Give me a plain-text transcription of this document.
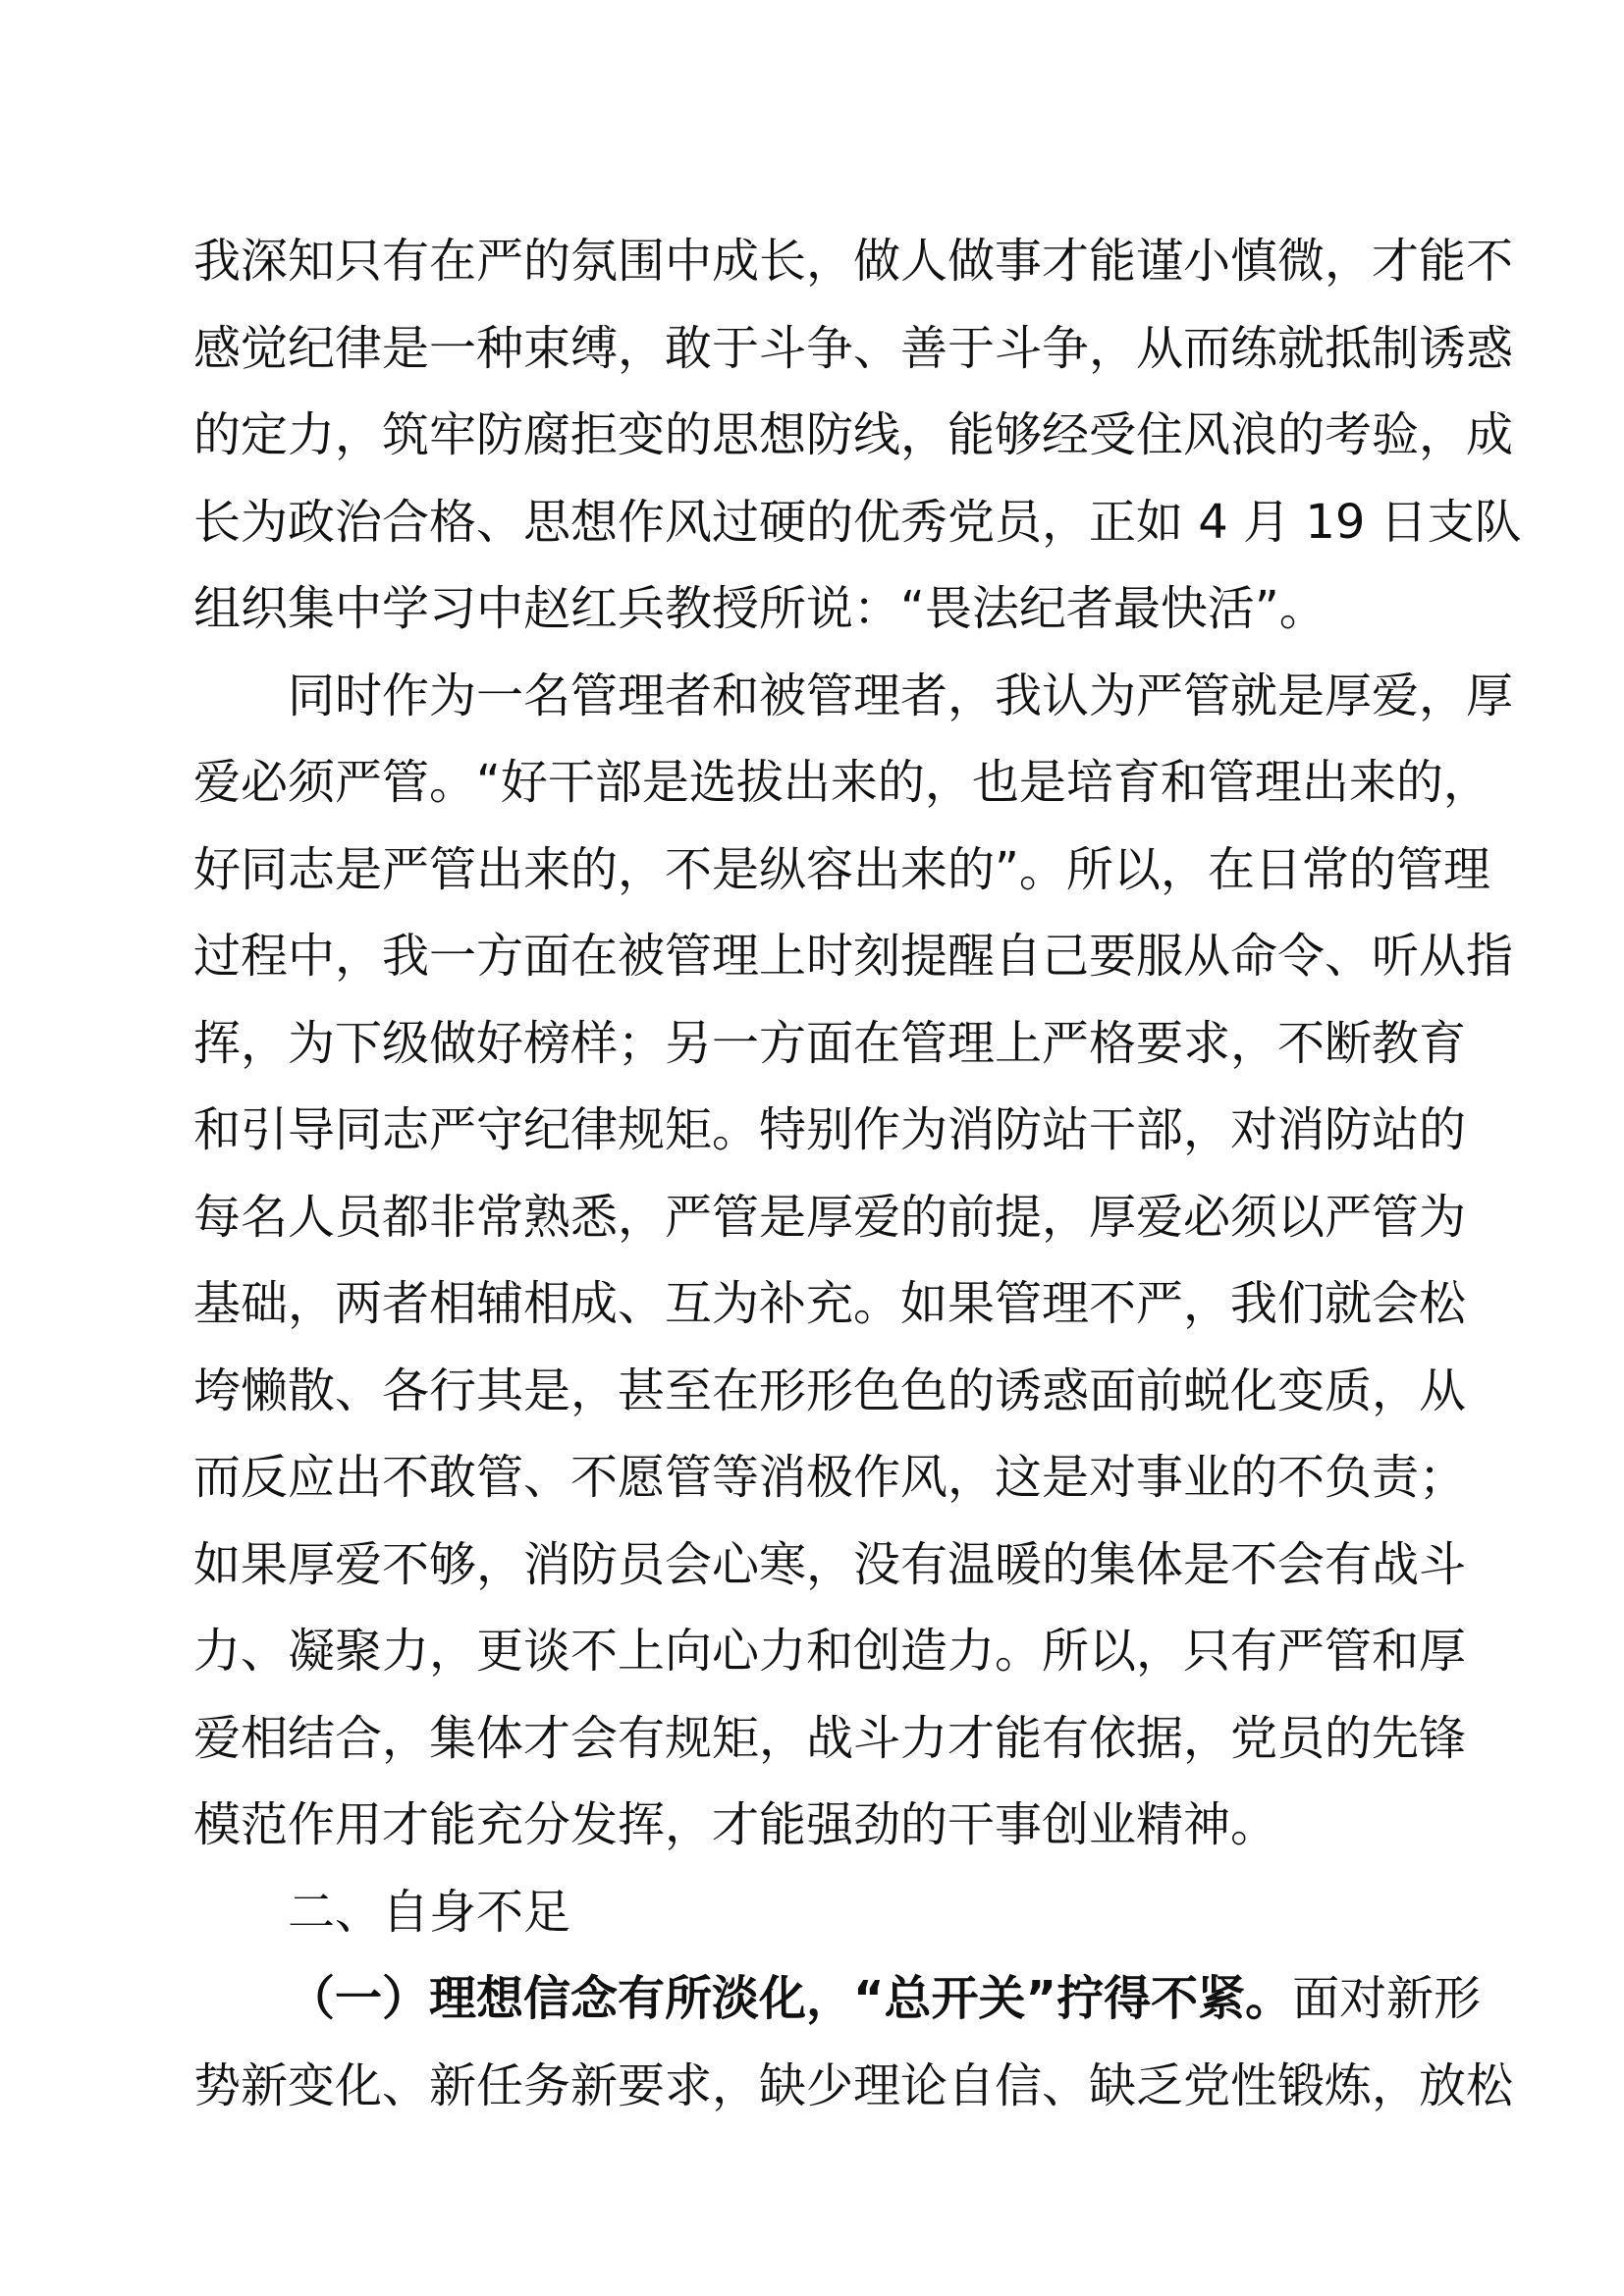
我深知只有在严的氛围中成长，做人做事才能谨小慎微，才能不
感觉纪律是一种束缚，敢于斗争、善于斗争，从而练就抵制诱惑
的定力，筑牢防腐拒变的思想防线，能够经受住风浪的考验，成
长为政治合格、思想作风过硬的优秀党员，正如 4 月 19 日支队
组织集中学习中赵红兵教授所说：“畏法纪者最快活”。
同时作为一名管理者和被管理者，我认为严管就是厚爱，厚
爱必须严管。“好干部是选拔出来的，也是培育和管理出来的，
好同志是严管出来的，不是纵容出来的”。所以，在日常的管理
过程中，我一方面在被管理上时刻提醒自己要服从命令、听从指
挥，为下级做好榜样；另一方面在管理上严格要求，不断教育
和引导同志严守纪律规矩。特别作为消防站干部，对消防站的
每名人员都非常熟悉，严管是厚爱的前提，厚爱必须以严管为
基础，两者相辅相成、互为补充。如果管理不严，我们就会松
垮懒散、各行其是，甚至在形形色色的诱惑面前蜕化变质，从
而反应出不敢管、不愿管等消极作风，这是对事业的不负责；
如果厚爱不够，消防员会心寒，没有温暖的集体是不会有战斗
力、凝聚力，更谈不上向心力和创造力。所以，只有严管和厚
爱相结合，集体才会有规矩，战斗力才能有依据，党员的先锋
模范作用才能充分发挥，才能强劲的干事创业精神。
二、自身不足
（一）理想信念有所淡化，“总开关”拧得不紧。面对新形
势新变化、新任务新要求，缺少理论自信、缺乏党性锻炼，放松
